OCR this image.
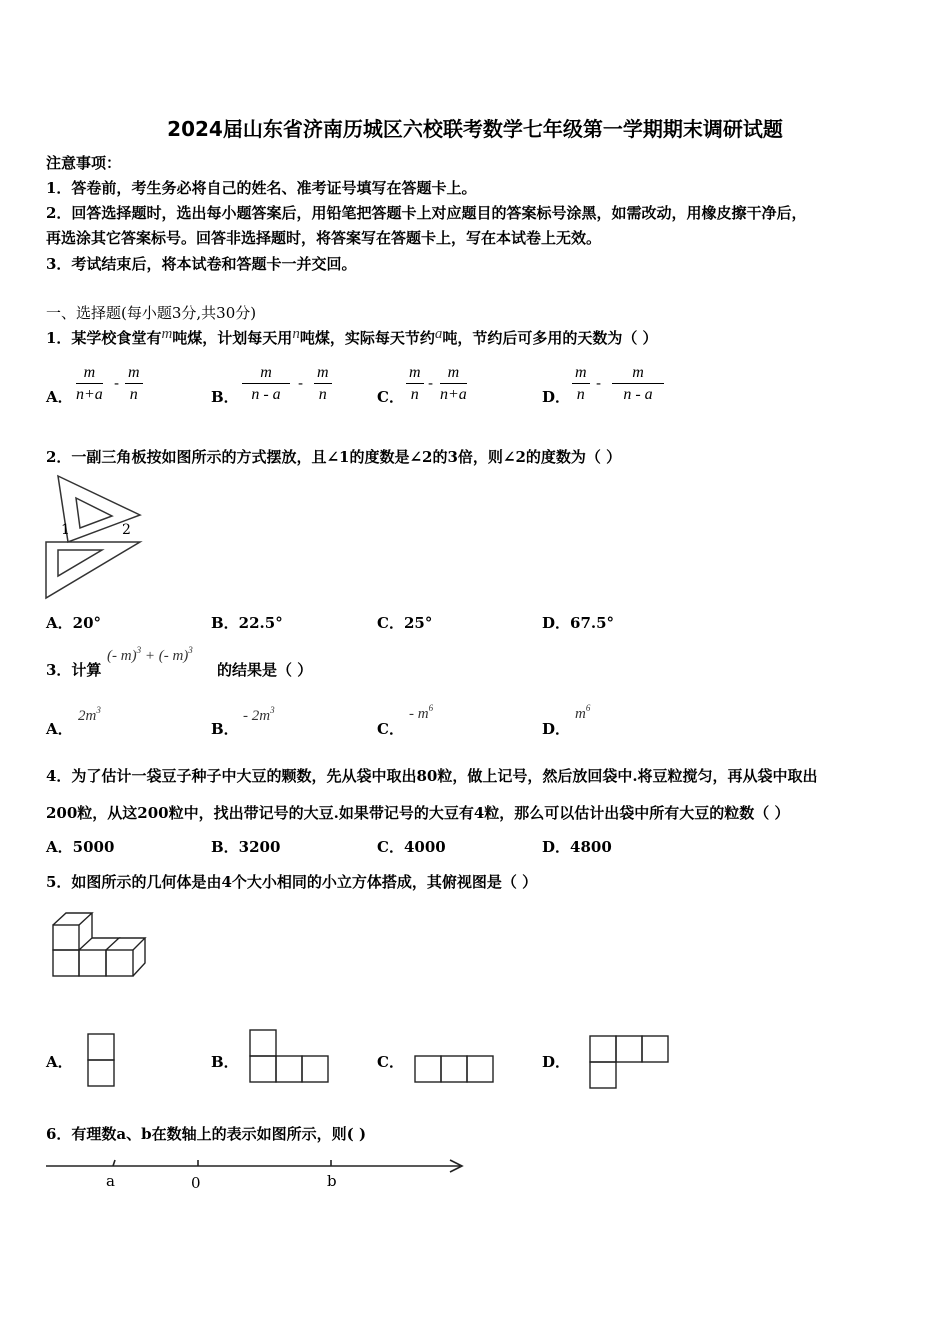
2024届山东省济南历城区六校联考数学七年级第一学期期末调研试题
注意事项：
1．答卷前，考生务必将自己的姓名、准考证号填写在答题卡上。
2．回答选择题时，选出每小题答案后，用铅笔把答题卡上对应题目的答案标号涂黑，如需改动，用橡皮擦干净后，
再选涂其它答案标号。回答非选择题时，将答案写在答题卡上，写在本试卷上无效。
3．考试结束后，将本试卷和答题卡一并交回。
一、选择题(每小题3分,共30分)
1．某学校食堂有m吨煤，计划每天用n吨煤，实际每天节约a吨，节约后可多用的天数为（ ）
A． $\frac{m}{n+a} - \frac{m}{n}$	B． $\frac{m}{n - a} - \frac{m}{n}$	C． $\frac{m}{n} - \frac{m}{n+a}$	D． $\frac{m}{n} - \frac{m}{n - a}$
2．一副三角板按如图所示的方式摆放，且∠1的度数是∠2的3倍，则∠2的度数为（ ）
1	2
A．20°	B．22.5°	C．25°	D．67.5°
3．计算
(- m)$^3$ + (- m)$^3$
的结果是（ ）
A．
$2m^3$
B．
- $2m^3$
C．
- $m^6$
D．
$m^6$
4．为了估计一袋豆子种子中大豆的颗数，先从袋中取出80粒，做上记号，然后放回袋中.将豆粒搅匀，再从袋中取出
200粒，从这200粒中，找出带记号的大豆.如果带记号的大豆有4粒，那么可以估计出袋中所有大豆的粒数（ ）
A．5000	B．3200	C．4000	D．4800
5．如图所示的几何体是由4个大小相同的小立方体搭成，其俯视图是（ ）
A．	B．	C．	D．
6．有理数a、b在数轴上的表示如图所示，则( )
a	0	b
